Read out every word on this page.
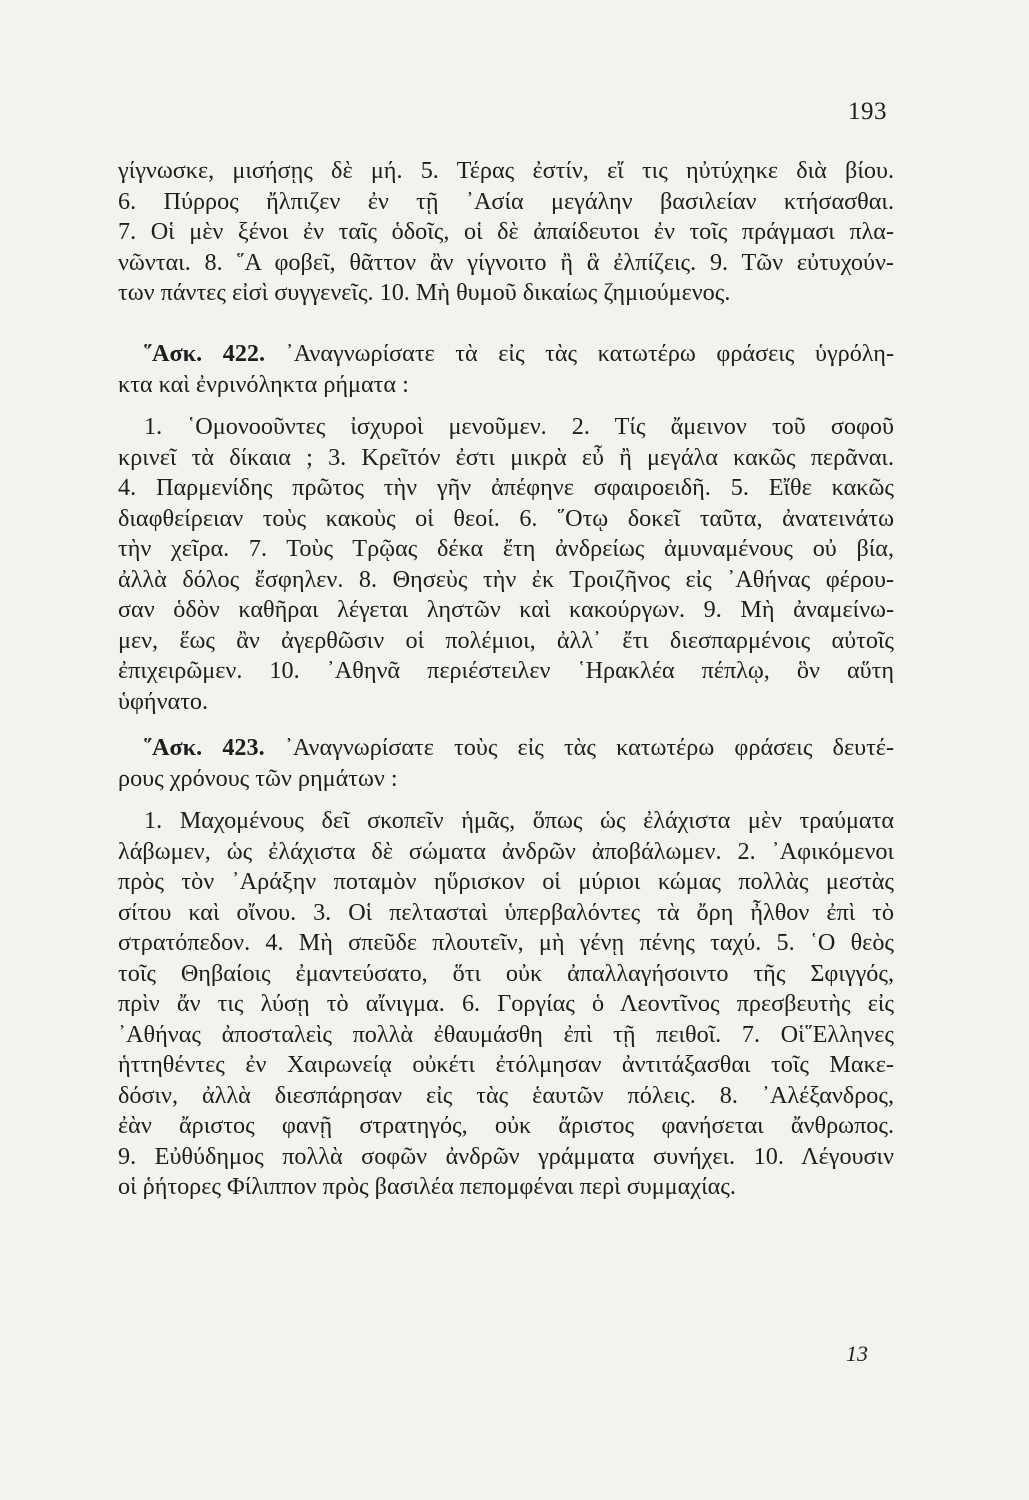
193
γίγνωσκε, μισήσῃς δὲ μή. 5. Τέρας ἐστίν, εἴ τις ηὐτύχηκε διὰ βίου.
6. Πύρρος ἤλπιζεν ἐν τῇ ᾽Ασία μεγάλην βασιλείαν κτήσασθαι.
7. Οἱ μὲν ξένοι ἐν ταῖς ὁδοῖς, οἱ δὲ ἀπαίδευτοι ἐν τοῖς πράγμασι πλα-
νῶνται. 8. ῞Α φοβεῖ, θᾶττον ἂν γίγνοιτο ἢ ἃ ἐλπίζεις. 9. Τῶν εὐτυχούν-
των πάντες εἰσὶ συγγενεῖς. 10. Μὴ θυμοῦ δικαίως ζημιούμενος.
῞Ασκ. 422. ᾽Αναγνωρίσατε τὰ εἰς τὰς κατωτέρω φράσεις ὑγρόλη-
κτα καὶ ἐνρινόληκτα ρήματα :
1. ῾Ομονοοῦντες ἰσχυροὶ μενοῦμεν. 2. Τίς ἄμεινον τοῦ σοφοῦ
κρινεῖ τὰ δίκαια ; 3. Κρεῖτόν ἐστι μικρὰ εὖ ἢ μεγάλα κακῶς περᾶναι.
4. Παρμενίδης πρῶτος τὴν γῆν ἀπέφηνε σφαιροειδῆ. 5. Εἴθε κακῶς
διαφθείρειαν τοὺς κακοὺς οἱ θεοί. 6. ῞Οτῳ δοκεῖ ταῦτα, ἀνατεινάτω
τὴν χεῖρα. 7. Τοὺς Τρῷας δέκα ἔτη ἀνδρείως ἀμυναμένους οὐ βία,
ἀλλὰ δόλος ἔσφηλεν. 8. Θησεὺς τὴν ἐκ Τροιζῆνος εἰς ᾽Αθήνας φέρου-
σαν ὁδὸν καθῆραι λέγεται ληστῶν καὶ κακούργων. 9. Μὴ ἀναμείνω-
μεν, ἕως ἂν ἀγερθῶσιν οἱ πολέμιοι, ἀλλ᾽ ἔτι διεσπαρμένοις αὐτοῖς
ἐπιχειρῶμεν. 10. ᾽Αθηνᾶ περιέστειλεν ῾Ηρακλέα πέπλῳ, ὃν αὕτη
ὑφήνατο.
῞Ασκ. 423. ᾽Αναγνωρίσατε τοὺς εἰς τὰς κατωτέρω φράσεις δευτέ-
ρους χρόνους τῶν ρημάτων :
1. Μαχομένους δεῖ σκοπεῖν ἡμᾶς, ὅπως ὡς ἐλάχιστα μὲν τραύματα
λάβωμεν, ὡς ἐλάχιστα δὲ σώματα ἀνδρῶν ἀποβάλωμεν. 2. ᾽Αφικόμενοι
πρὸς τὸν ᾽Αράξην ποταμὸν ηὕρισκον οἱ μύριοι κώμας πολλὰς μεστὰς
σίτου καὶ οἴνου. 3. Οἱ πελτασταὶ ὑπερβαλόντες τὰ ὄρη ἦλθον ἐπὶ τὸ
στρατόπεδον. 4. Μὴ σπεῦδε πλουτεῖν, μὴ γένῃ πένης ταχύ. 5. ῾Ο θεὸς
τοῖς Θηβαίοις ἐμαντεύσατο, ὅτι οὐκ ἀπαλλαγήσοιντο τῆς Σφιγγός,
πρὶν ἄν τις λύσῃ τὸ αἴνιγμα. 6. Γοργίας ὁ Λεοντῖνος πρεσβευτὴς εἰς
᾽Αθήνας ἀποσταλεὶς πολλὰ ἐθαυμάσθη ἐπὶ τῇ πειθοῖ. 7. Οἱ῞Ελληνες
ἡττηθέντες ἐν Χαιρωνείᾳ οὐκέτι ἐτόλμησαν ἀντιτάξασθαι τοῖς Μακε-
δόσιν, ἀλλὰ διεσπάρησαν εἰς τὰς ἑαυτῶν πόλεις. 8. ᾽Αλέξανδρος,
ἐὰν ἄριστος φανῇ στρατηγός, οὐκ ἄριστος φανήσεται ἄνθρωπος.
9. Εὐθύδημος πολλὰ σοφῶν ἀνδρῶν γράμματα συνήχει. 10. Λέγουσιν
οἱ ῥήτορες Φίλιππον πρὸς βασιλέα πεπομφέναι περὶ συμμαχίας.
13
